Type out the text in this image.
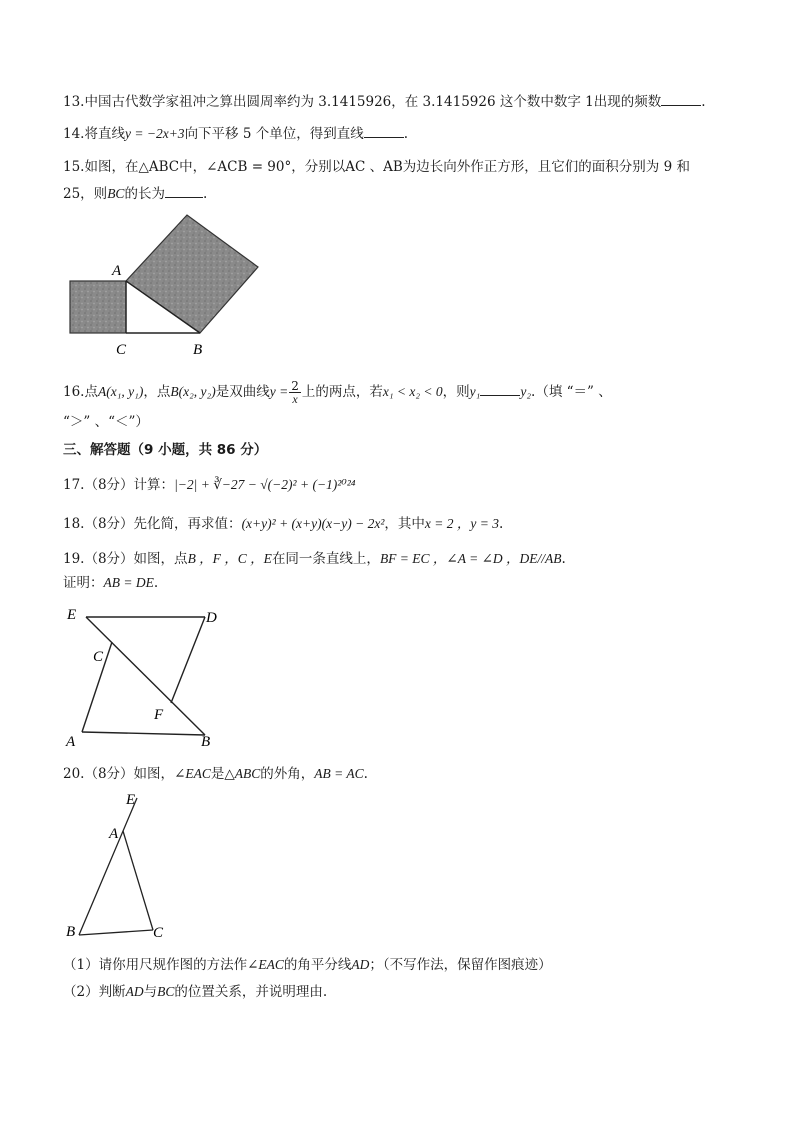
13.中国古代数学家祖冲之算出圆周率约为 3.1415926，在 3.1415926 这个数中数字 1出现的频数	.
14.将直线y = −2x+3向下平移 5 个单位，得到直线	.
15.如图，在△ABC中，∠ACB = 90°，分别以AC 、AB为边长向外作正方形，且它们的面积分别为 9 和
25，则BC的长为	.
A
C	B
16.点A(x₁, y₁)，点B(x₂, y₂)是双曲线$y = \frac{2}{x}$ 上的两点，若x₁ < x₂ < 0，则y₁	y₂.（填 “＝” 、
“＞” 、“＜”）
三、解答题（9 小题，共 86 分）
17.（8分）计算：|−2| + ∛−27 − √(−2)² + (−1)²⁰²⁴
18.（8分）先化简，再求值：(x+y)² + (x+y)(x−y) − 2x²，其中x = 2 ，y = 3.
19.（8分）如图，点B ，F ，C ，E在同一条直线上，BF = EC ，∠A = ∠D ，DE//AB.
证明：AB = DE.
E	D
C
F
A	B
20.（8分）如图，∠EAC是△ABC的外角，AB = AC.
E
A
B	C
（1）请你用尺规作图的方法作∠EAC的角平分线AD；（不写作法，保留作图痕迹）
（2）判断AD与BC的位置关系，并说明理由.
